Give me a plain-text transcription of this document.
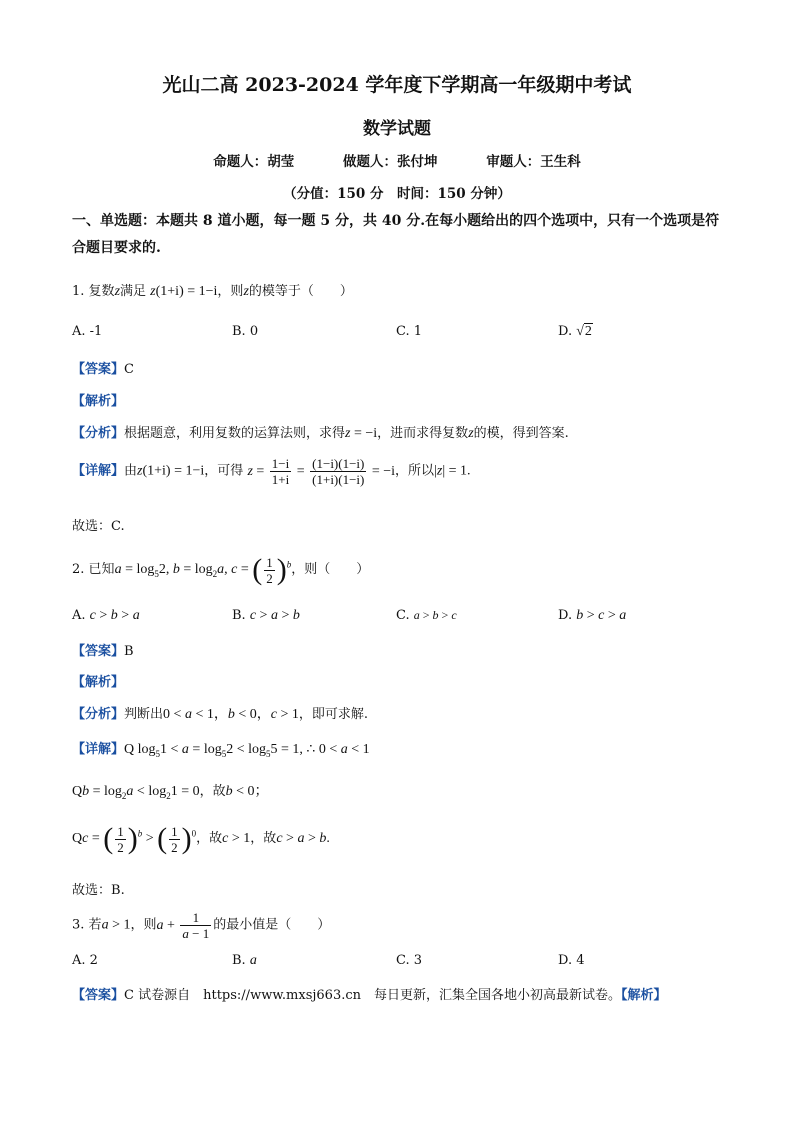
光山二高 2023-2024 学年度下学期高一年级期中考试
数学试题
命题人：胡莹	做题人：张付坤	审题人：王生科
（分值：150 分　时间：150 分钟）
一、单选题：本题共 8 道小题，每一题 5 分，共 40 分.在每小题给出的四个选项中，只有一个选项是符合题目要求的.
1. 复数z满足 z(1+i) = 1−i，则z的模等于（　　）
A. -1	B. 0	C. 1	D. √2
【答案】C
【解析】
【分析】根据题意，利用复数的运算法则，求得z = −i，进而求得复数z的模，得到答案.
【详解】由z(1+i) = 1−i，可得 $z = \frac{1-i}{1+i} = \frac{(1-i)(1-i)}{(1+i)(1-i)} = -i$，所以|z| = 1.
故选：C.
2. 已知$a = \log_52$, $b = \log_2a$, c = ( $\frac{1}{2} )^b$，则（　　）
A. c > b > a	B. c > a > b	C. a > b > c	D. b > c > a
【答案】B
【解析】
【分析】判断出0 < a < 1，b < 0，c > 1，即可求解.
【详解】Q $\log_51 < a = \log_52 < \log_55 = 1$, ∴ 0 < a < 1
$Qb = \log_2a < \log_21 = 0$，故b < 0；
Qc = ( $\frac{1}{2} )^b$ > ( $\frac{1}{2} )^0$，故c > 1，故c > a > b.
故选：B.
3. 若a > 1，则$a + \frac{1}{a - 1}$ 的最小值是（　　）
A. 2	B. a	C. 3	D. 4
【答案】C 试卷源自　https://www.mxsj663.cn　每日更新，汇集全国各地小初高最新试卷。【解析】
